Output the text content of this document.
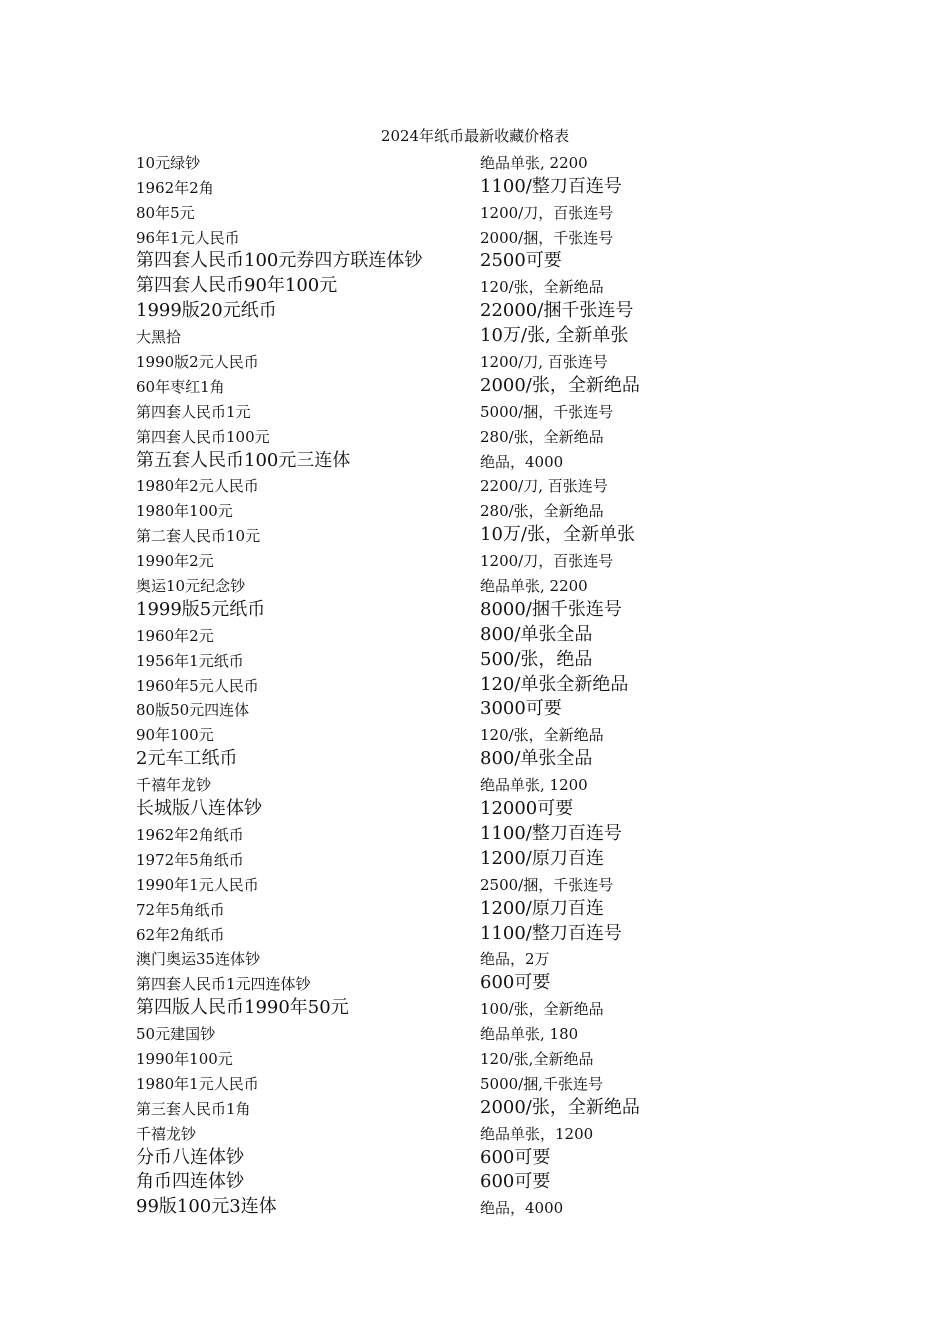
2024年纸币最新收藏价格表
10元绿钞	绝品单张, 2200
1962年2角	1100/整刀百连号
80年5元	1200/刀，百张连号
96年1元人民币	2000/捆，千张连号
第四套人民币100元券四方联连体钞	2500可要
第四套人民币90年100元	120/张，全新绝品
1999版20元纸币	22000/捆千张连号
大黑拾	10万/张, 全新单张
1990版2元人民币	1200/刀, 百张连号
60年枣红1角	2000/张，全新绝品
第四套人民币1元	5000/捆，千张连号
第四套人民币100元	280/张，全新绝品
第五套人民币100元三连体	绝品，4000
1980年2元人民币	2200/刀, 百张连号
1980年100元	280/张，全新绝品
第二套人民币10元	10万/张，全新单张
1990年2元	1200/刀，百张连号
奥运10元纪念钞	绝品单张, 2200
1999版5元纸币	8000/捆千张连号
1960年2元	800/单张全品
1956年1元纸币	500/张，绝品
1960年5元人民币	120/单张全新绝品
80版50元四连体	3000可要
90年100元	120/张，全新绝品
2元车工纸币	800/单张全品
千禧年龙钞	绝品单张, 1200
长城版八连体钞	12000可要
1962年2角纸币	1100/整刀百连号
1972年5角纸币	1200/原刀百连
1990年1元人民币	2500/捆，千张连号
72年5角纸币	1200/原刀百连
62年2角纸币	1100/整刀百连号
澳门奥运35连体钞	绝品，2万
第四套人民币1元四连体钞	600可要
第四版人民币1990年50元	100/张，全新绝品
50元建国钞	绝品单张, 180
1990年100元	120/张,全新绝品
1980年1元人民币	5000/捆,千张连号
第三套人民币1角	2000/张，全新绝品
千禧龙钞	绝品单张，1200
分币八连体钞	600可要
角币四连体钞	600可要
99版100元3连体	绝品，4000
